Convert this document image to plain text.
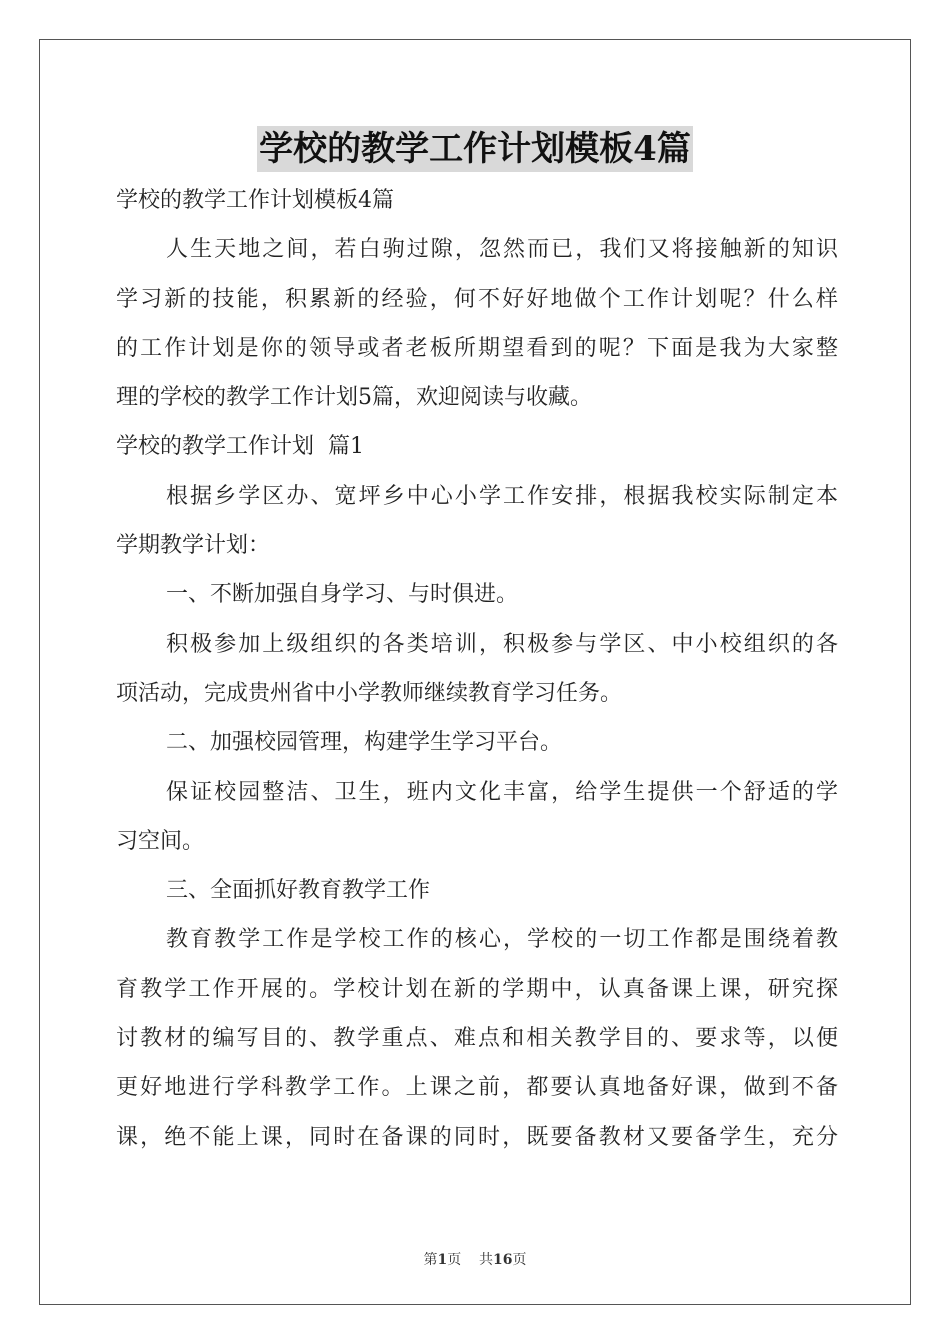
学校的教学工作计划模板4篇
学校的教学工作计划模板4篇
人生天地之间，若白驹过隙，忽然而已，我们又将接触新的知识
学习新的技能，积累新的经验，何不好好地做个工作计划呢？什么样
的工作计划是你的领导或者老板所期望看到的呢？下面是我为大家整
理的学校的教学工作计划5篇，欢迎阅读与收藏。
学校的教学工作计划  篇1
根据乡学区办、宽坪乡中心小学工作安排，根据我校实际制定本
学期教学计划：
一、不断加强自身学习、与时俱进。
积极参加上级组织的各类培训，积极参与学区、中小校组织的各
项活动，完成贵州省中小学教师继续教育学习任务。
二、加强校园管理，构建学生学习平台。
保证校园整洁、卫生，班内文化丰富，给学生提供一个舒适的学
习空间。
三、全面抓好教育教学工作
教育教学工作是学校工作的核心，学校的一切工作都是围绕着教
育教学工作开展的。学校计划在新的学期中，认真备课上课，研究探
讨教材的编写目的、教学重点、难点和相关教学目的、要求等，以便
更好地进行学科教学工作。上课之前，都要认真地备好课，做到不备
课，绝不能上课，同时在备课的同时，既要备教材又要备学生，充分
第1页    共16页
